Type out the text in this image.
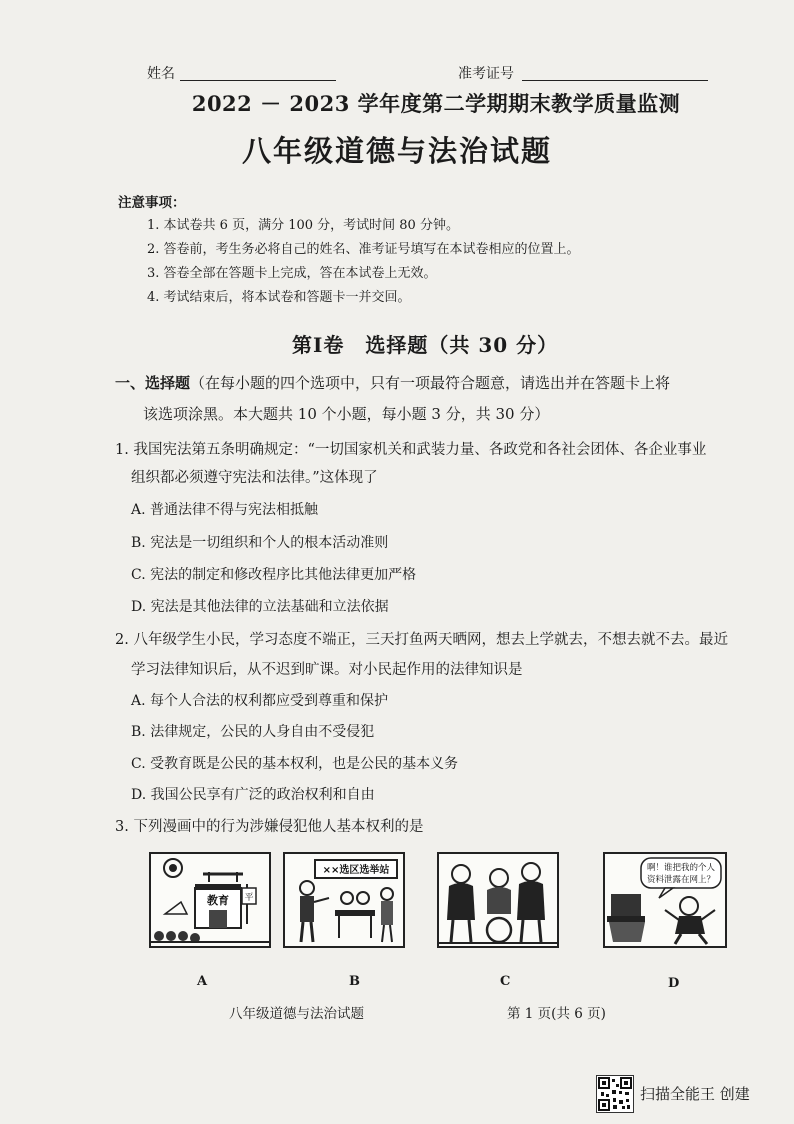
姓名	准考证号
2022 － 2023 学年度第二学期期末教学质量监测
八年级道德与法治试题
注意事项：
1. 本试卷共 6 页，满分 100 分，考试时间 80 分钟。
2. 答卷前，考生务必将自己的姓名、准考证号填写在本试卷相应的位置上。
3. 答卷全部在答题卡上完成，答在本试卷上无效。
4. 考试结束后，将本试卷和答题卡一并交回。
第Ⅰ卷　选择题（共 30 分）
一、选择题（在每小题的四个选项中，只有一项最符合题意，请选出并在答题卡上将
该选项涂黑。本大题共 10 个小题，每小题 3 分，共 30 分）
1. 我国宪法第五条明确规定：“一切国家机关和武装力量、各政党和各社会团体、各企业事业
组织都必须遵守宪法和法律。”这体现了
A. 普通法律不得与宪法相抵触
B. 宪法是一切组织和个人的根本活动准则
C. 宪法的制定和修改程序比其他法律更加严格
D. 宪法是其他法律的立法基础和立法依据
2. 八年级学生小民，学习态度不端正，三天打鱼两天晒网，想去上学就去，不想去就不去。最近
学习法律知识后，从不迟到旷课。对小民起作用的法律知识是
A. 每个人合法的权利都应受到尊重和保护
B. 法律规定，公民的人身自由不受侵犯
C. 受教育既是公民的基本权利，也是公民的基本义务
D. 我国公民享有广泛的政治权利和自由
3. 下列漫画中的行为涉嫌侵犯他人基本权利的是
教育 平
A
××选区选举站
B	C
啊！谁把我的个人
资料泄露在网上？
D
八年级道德与法治试题	第 1 页(共 6 页)
扫描全能王 创建
